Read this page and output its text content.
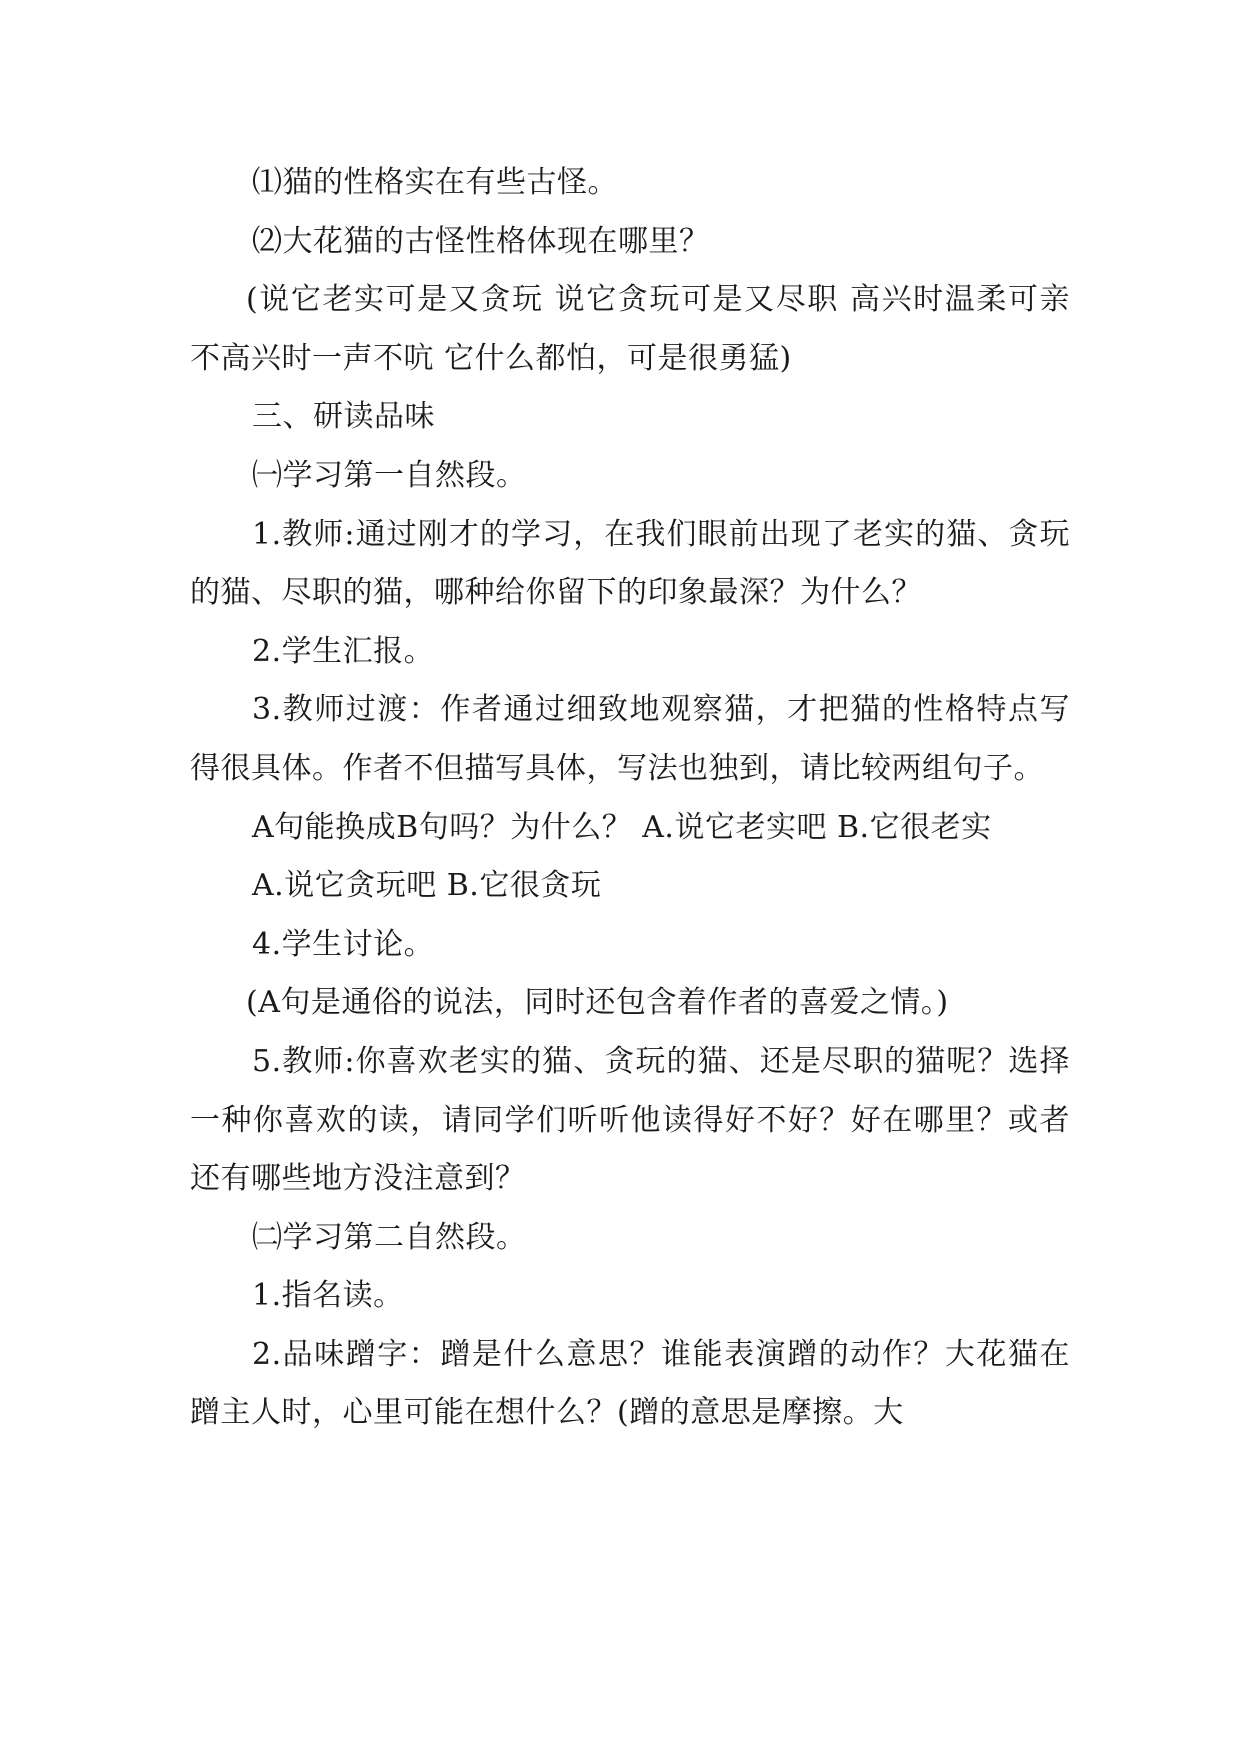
⑴猫的性格实在有些古怪。

⑵大花猫的古怪性格体现在哪里？

(说它老实可是又贪玩 说它贪玩可是又尽职 高兴时温柔可亲 不高兴时一声不吭 它什么都怕，可是很勇猛)

三、研读品味

㈠学习第一自然段。

1.教师:通过刚才的学习，在我们眼前出现了老实的猫、贪玩的猫、尽职的猫，哪种给你留下的印象最深？为什么？

2.学生汇报。

3.教师过渡：作者通过细致地观察猫，才把猫的性格特点写得很具体。作者不但描写具体，写法也独到，请比较两组句子。

A句能换成B句吗？为什么？ A.说它老实吧 B.它很老实

A.说它贪玩吧 B.它很贪玩

4.学生讨论。

(A句是通俗的说法，同时还包含着作者的喜爱之情。)

5.教师:你喜欢老实的猫、贪玩的猫、还是尽职的猫呢？选择一种你喜欢的读，请同学们听听他读得好不好？好在哪里？或者还有哪些地方没注意到？

㈡学习第二自然段。

1.指名读。

2.品味蹭字：蹭是什么意思？谁能表演蹭的动作？大花猫在蹭主人时，心里可能在想什么？(蹭的意思是摩擦。大
